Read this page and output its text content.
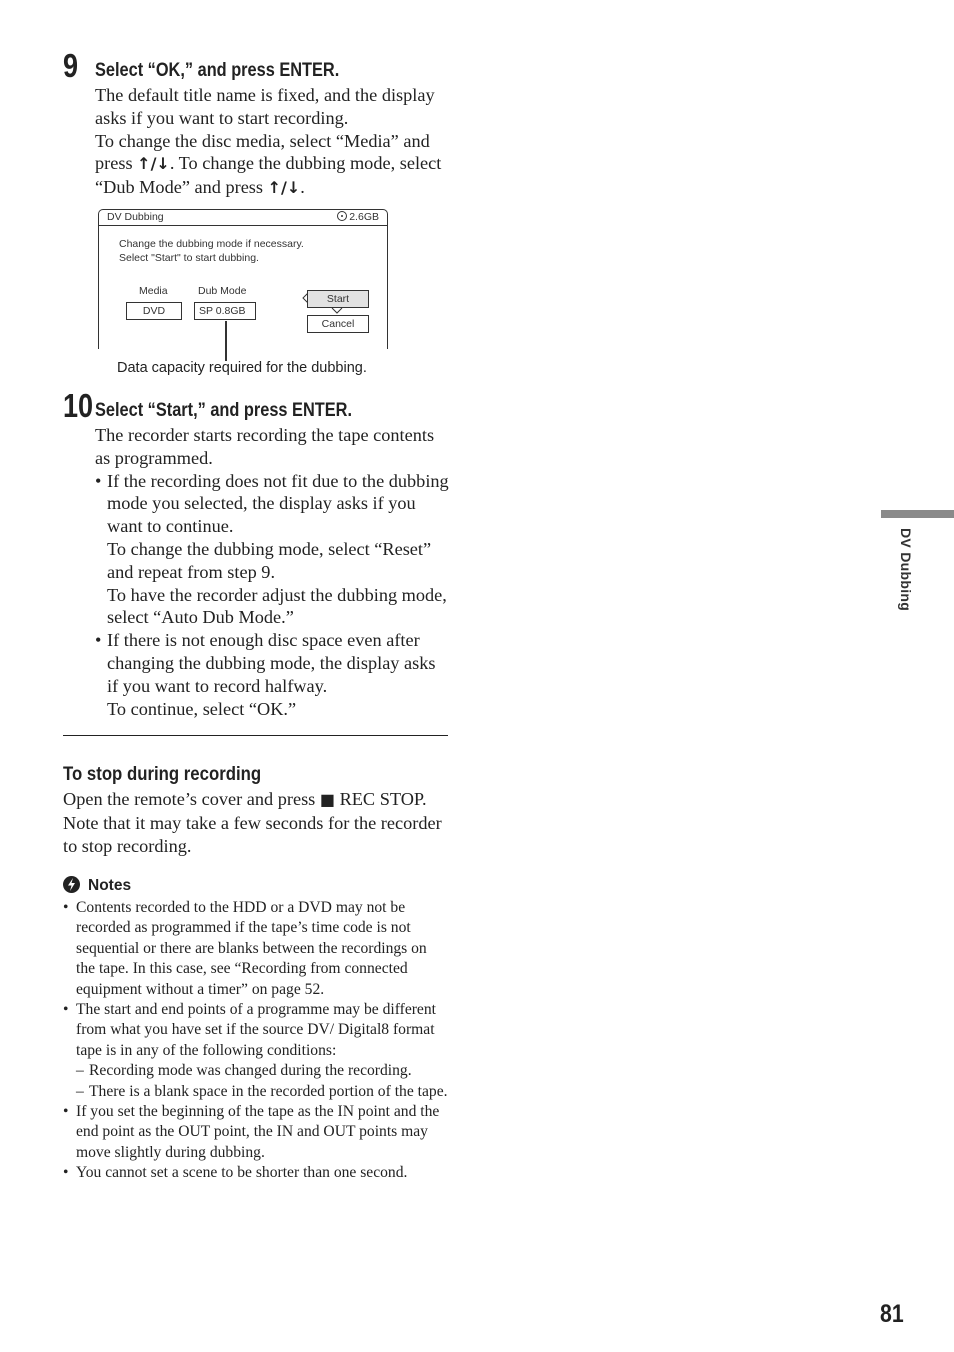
9 Select “OK,” and press ENTER.

The default title name is fixed, and the display asks if you want to start recording.

To change the disc media, select “Media” and press ↑/↓. To change the dubbing mode, select “Dub Mode” and press ↑/↓.

DV Dubbing	2.6GB
Change the dubbing mode if necessary.
Select "Start" to start dubbing.
Media	Dub Mode
DVD	SP 0.8GB
Start
Cancel
Data capacity required for the dubbing.
10 Select “Start,” and press ENTER.

The recorder starts recording the tape contents as programmed.

• If the recording does not fit due to the dubbing mode you selected, the display asks if you want to continue.
To change the dubbing mode, select “Reset” and repeat from step 9.
To have the recorder adjust the dubbing mode, select “Auto Dub Mode.”
• If there is not enough disc space even after changing the dubbing mode, the display asks if you want to record halfway.
To continue, select “OK.”
To stop during recording

Open the remote’s cover and press ■ REC STOP. Note that it may take a few seconds for the recorder to stop recording.

Notes
• Contents recorded to the HDD or a DVD may not be recorded as programmed if the tape’s time code is not sequential or there are blanks between the recordings on the tape. In this case, see “Recording from connected equipment without a timer” on page 52.
• The start and end points of a programme may be different from what you have set if the source DV/ Digital8 format tape is in any of the following conditions:
– Recording mode was changed during the recording.
– There is a blank space in the recorded portion of the tape.
• If you set the beginning of the tape as the IN point and the end point as the OUT point, the IN and OUT points may move slightly during dubbing.
• You cannot set a scene to be shorter than one second.
DV Dubbing
81
